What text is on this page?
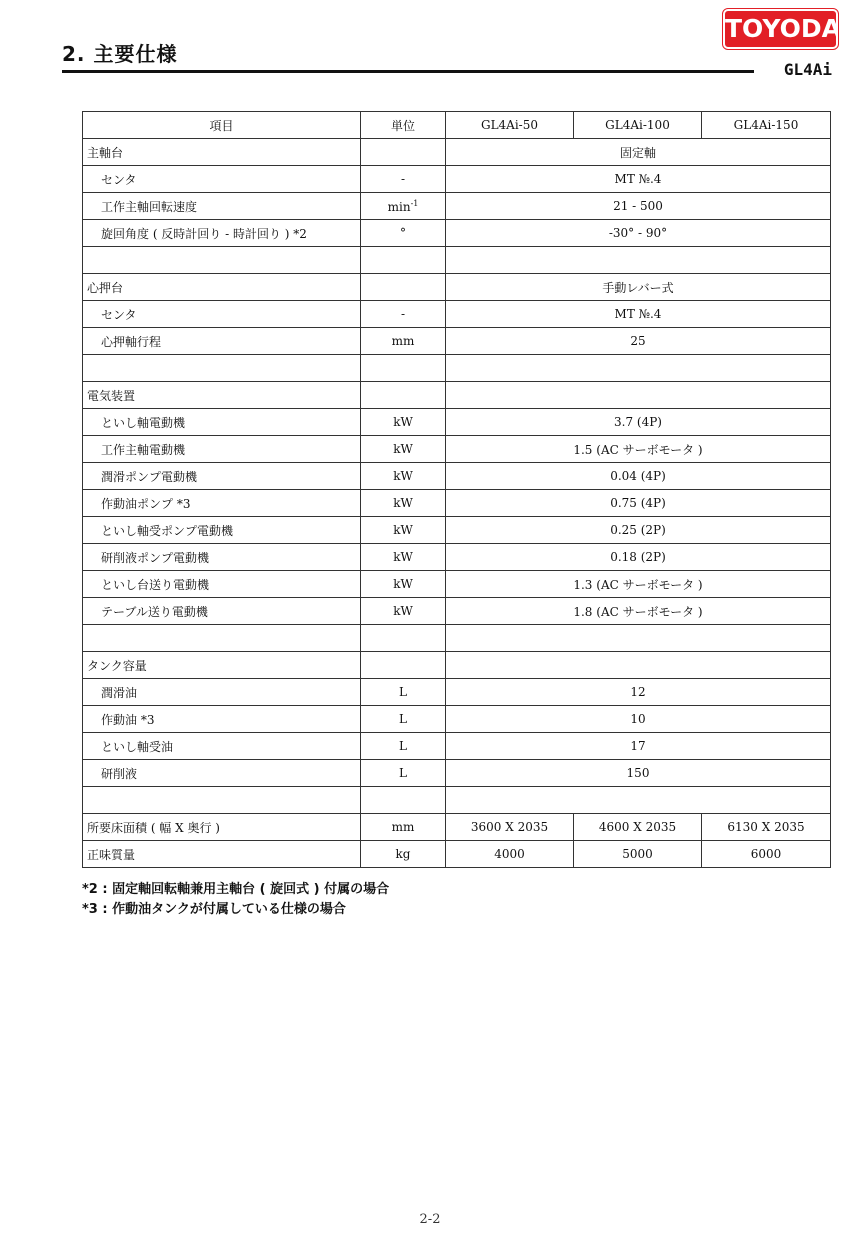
2. 主要仕様
TOYODA
GL4Ai
項目	単位	GL4Ai-50	GL4Ai-100	GL4Ai-150
主軸台		固定軸		
センタ	-	MT №.4		
工作主軸回転速度	$\min^{-1}$	21 - 500		
旋回角度 ( 反時計回り - 時計回り ) *2	°	-30° - 90°		

心押台		手動レバー式		
センタ	-	MT №.4		
心押軸行程	mm	25		

電気装置				
といし軸電動機	kW	3.7 (4P)		
工作主軸電動機	kW	1.5 (AC サーボモータ )		
潤滑ポンプ電動機	kW	0.04 (4P)		
作動油ポンプ *3	kW	0.75 (4P)		
といし軸受ポンプ電動機	kW	0.25 (2P)		
研削液ポンプ電動機	kW	0.18 (2P)		
といし台送り電動機	kW	1.3 (AC サーボモータ )		
テーブル送り電動機	kW	1.8 (AC サーボモータ )		

タンク容量				
潤滑油	L	12		
作動油 *3	L	10		
といし軸受油	L	17		
研削液	L	150		

所要床面積 ( 幅 X 奥行 )	mm	3600 X 2035	4600 X 2035	6130 X 2035
正味質量	kg	4000	5000	6000
*2 : 固定軸回転軸兼用主軸台 ( 旋回式 ) 付属の場合
*3 : 作動油タンクが付属している仕様の場合
2-2
